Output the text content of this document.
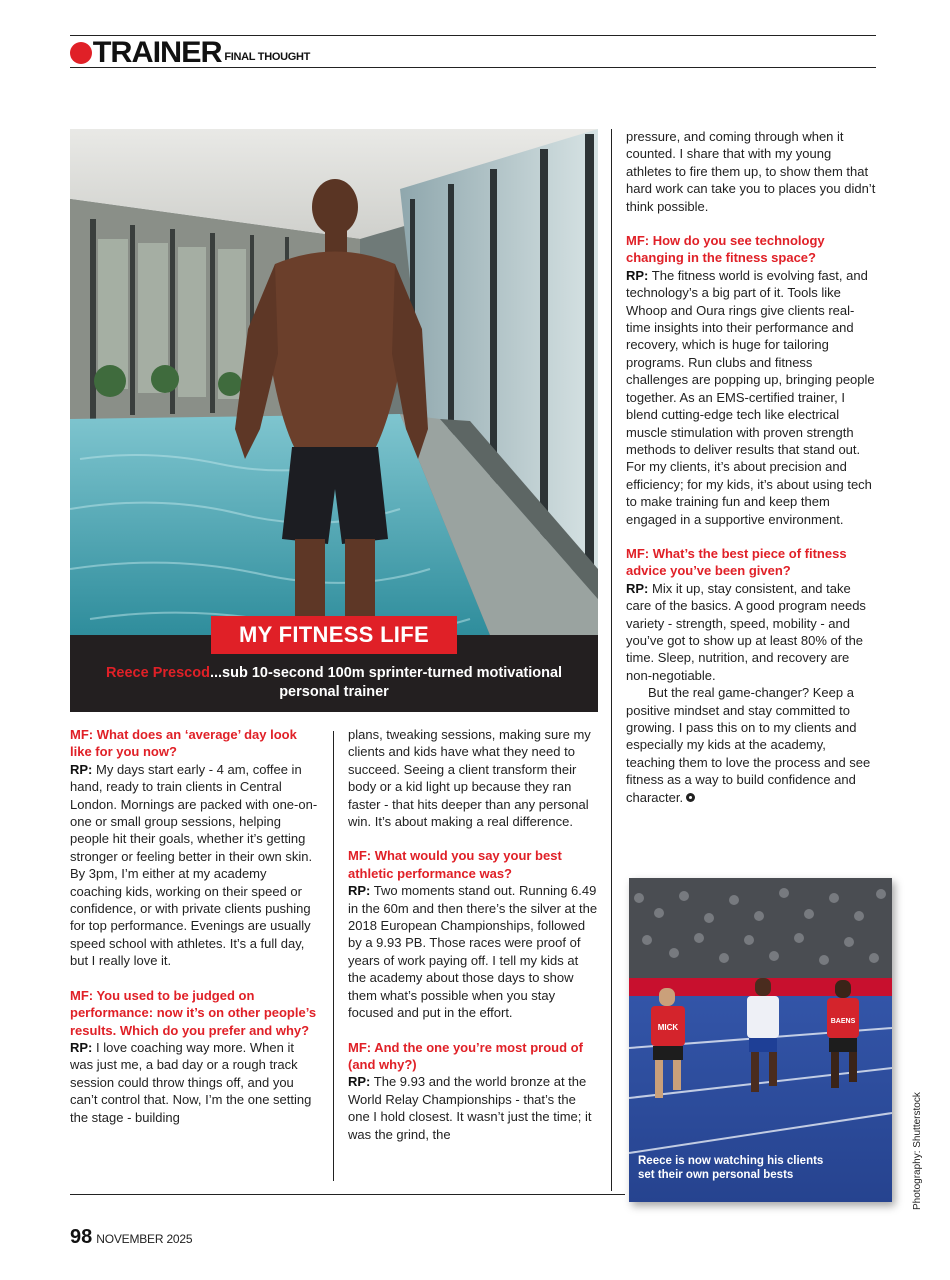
TRAINER FINAL THOUGHT
MY FITNESS LIFE
Reece Prescod...sub 10-second 100m sprinter-turned motivational personal trainer

MF: What does an ‘average’ day look like for you now?

RP: My days start early - 4 am, coffee in hand, ready to train clients in Central London. Mornings are packed with one-on-one or small group sessions, helping people hit their goals, whether it’s getting stronger or feeling better in their own skin. By 3pm, I’m either at my academy coaching kids, working on their speed or confidence, or with private clients pushing for top performance. Evenings are usually speed school with athletes. It’s a full day, but I really love it.

MF: You used to be judged on performance: now it’s on other people’s results. Which do you prefer and why?

RP: I love coaching way more. When it was just me, a bad day or a rough track session could throw things off, and you can’t control that. Now, I’m the one setting the stage - building

plans, tweaking sessions, making sure my clients and kids have what they need to succeed. Seeing a client transform their body or a kid light up because they ran faster - that hits deeper than any personal win. It’s about making a real difference.

MF: What would you say your best athletic performance was?

RP: Two moments stand out. Running 6.49 in the 60m and then there’s the silver at the 2018 European Championships, followed by a 9.93 PB. Those races were proof of years of work paying off. I tell my kids at the academy about those days to show them what’s possible when you stay focused and put in the effort.

MF: And the one you’re most proud of (and why?)

RP: The 9.93 and the world bronze at the World Relay Championships - that’s the one I hold closest. It wasn’t just the time; it was the grind, the

pressure, and coming through when it counted. I share that with my young athletes to fire them up, to show them that hard work can take you to places you didn’t think possible.

MF: How do you see technology changing in the fitness space?

RP: The fitness world is evolving fast, and technology’s a big part of it. Tools like Whoop and Oura rings give clients real-time insights into their performance and recovery, which is huge for tailoring programs. Run clubs and fitness challenges are popping up, bringing people together. As an EMS-certified trainer, I blend cutting-edge tech like electrical muscle stimulation with proven strength methods to deliver results that stand out. For my clients, it’s about precision and efficiency; for my kids, it’s about using tech to make training fun and keep them engaged in a supportive environment.

MF: What’s the best piece of fitness advice you’ve been given?

RP: Mix it up, stay consistent, and take care of the basics. A good program needs variety - strength, speed, mobility - and you’ve got to show up at least 80% of the time. Sleep, nutrition, and recovery are non-negotiable.

But the real game-changer? Keep a positive mindset and stay committed to growing. I pass this on to my clients and especially my kids at the academy, teaching them to love the process and see fitness as a way to build confidence and character.

MICK
BAENS
Reece is now watching his clients set their own personal bests	Photography: Shutterstock
98 NOVEMBER 2025
